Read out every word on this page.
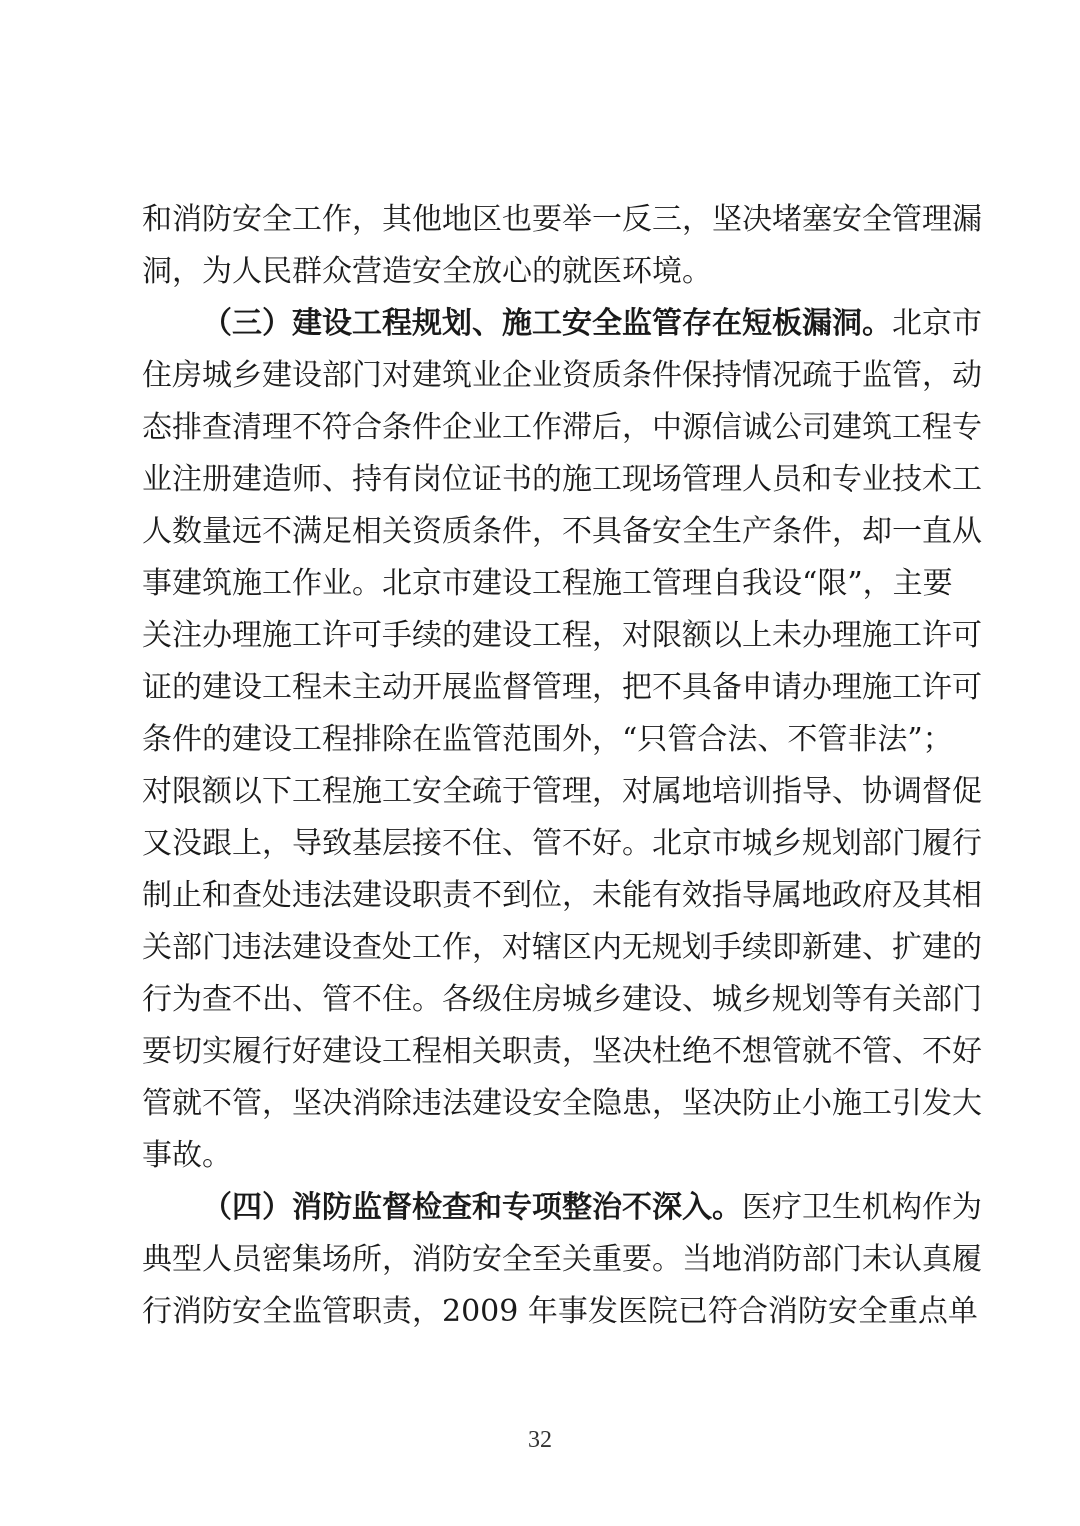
和消防安全工作，其他地区也要举一反三，坚决堵塞安全管理漏
洞，为人民群众营造安全放心的就医环境。
（三）建设工程规划、施工安全监管存在短板漏洞。北京市
住房城乡建设部门对建筑业企业资质条件保持情况疏于监管，动
态排查清理不符合条件企业工作滞后，中源信诚公司建筑工程专
业注册建造师、持有岗位证书的施工现场管理人员和专业技术工
人数量远不满足相关资质条件，不具备安全生产条件，却一直从
事建筑施工作业。北京市建设工程施工管理自我设“限”，主要
关注办理施工许可手续的建设工程，对限额以上未办理施工许可
证的建设工程未主动开展监督管理，把不具备申请办理施工许可
条件的建设工程排除在监管范围外，“只管合法、不管非法”；
对限额以下工程施工安全疏于管理，对属地培训指导、协调督促
又没跟上，导致基层接不住、管不好。北京市城乡规划部门履行
制止和查处违法建设职责不到位，未能有效指导属地政府及其相
关部门违法建设查处工作，对辖区内无规划手续即新建、扩建的
行为查不出、管不住。各级住房城乡建设、城乡规划等有关部门
要切实履行好建设工程相关职责，坚决杜绝不想管就不管、不好
管就不管，坚决消除违法建设安全隐患，坚决防止小施工引发大
事故。
（四）消防监督检查和专项整治不深入。医疗卫生机构作为
典型人员密集场所，消防安全至关重要。当地消防部门未认真履
行消防安全监管职责，2009 年事发医院已符合消防安全重点单
32
